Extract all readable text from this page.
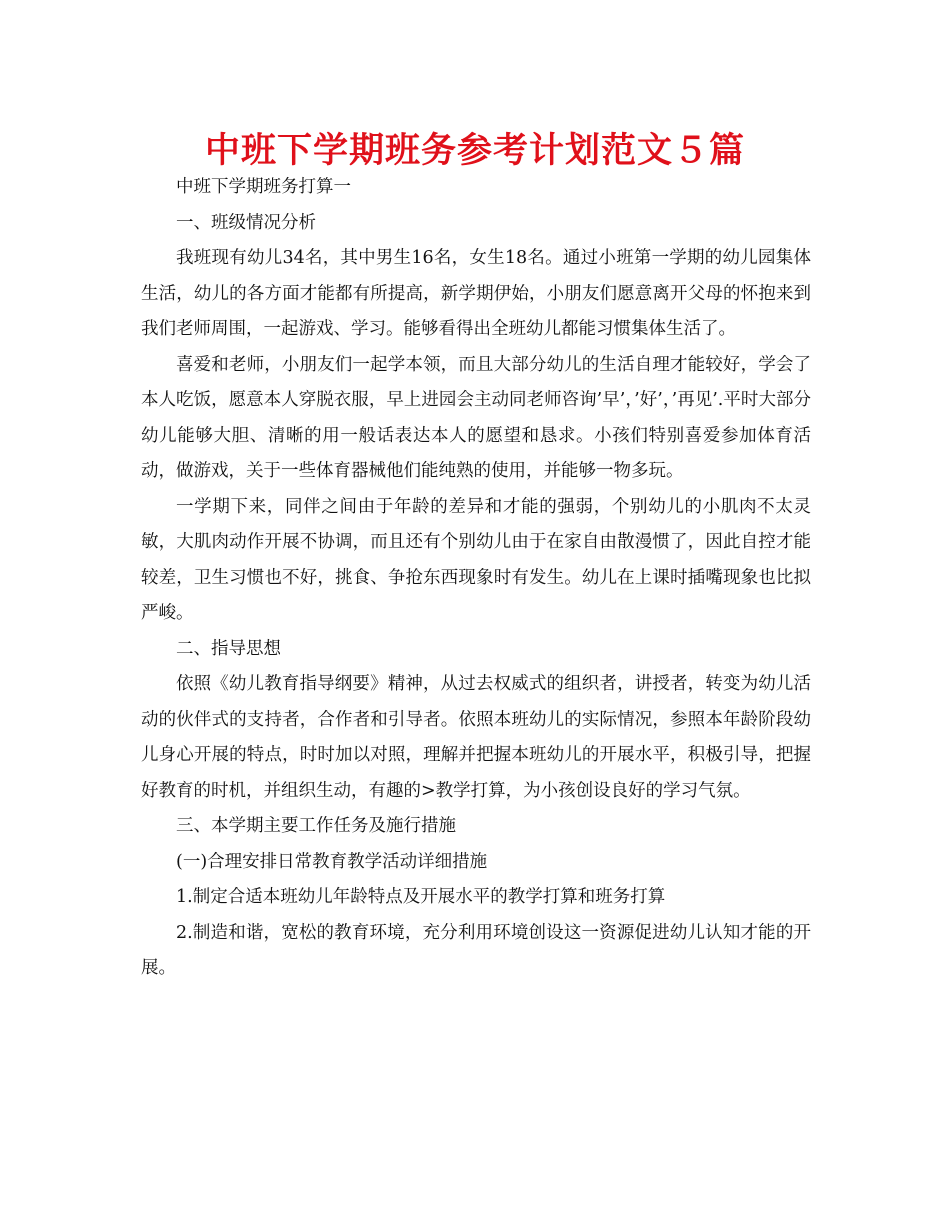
中班下学期班务参考计划范文５篇

中班下学期班务打算一

一、班级情况分析

我班现有幼儿34名，其中男生16名，女生18名。通过小班第一学期的幼儿园集体生活，幼儿的各方面才能都有所提高，新学期伊始，小朋友们愿意离开父母的怀抱来到我们老师周围，一起游戏、学习。能够看得出全班幼儿都能习惯集体生活了。

喜爱和老师，小朋友们一起学本领，而且大部分幼儿的生活自理才能较好，学会了本人吃饭，愿意本人穿脱衣服，早上进园会主动同老师咨询’早’，’好’，’再见’.平时大部分幼儿能够大胆、清晰的用一般话表达本人的愿望和恳求。小孩们特别喜爱参加体育活动，做游戏，关于一些体育器械他们能纯熟的使用，并能够一物多玩。

一学期下来，同伴之间由于年龄的差异和才能的强弱，个别幼儿的小肌肉不太灵敏，大肌肉动作开展不协调，而且还有个别幼儿由于在家自由散漫惯了，因此自控才能较差，卫生习惯也不好，挑食、争抢东西现象时有发生。幼儿在上课时插嘴现象也比拟严峻。

二、指导思想

依照《幼儿教育指导纲要》精神，从过去权威式的组织者，讲授者，转变为幼儿活动的伙伴式的支持者，合作者和引导者。依照本班幼儿的实际情况，参照本年龄阶段幼儿身心开展的特点，时时加以对照，理解并把握本班幼儿的开展水平，积极引导，把握好教育的时机，并组织生动，有趣的>教学打算，为小孩创设良好的学习气氛。

三、本学期主要工作任务及施行措施

(一)合理安排日常教育教学活动详细措施

1.制定合适本班幼儿年龄特点及开展水平的教学打算和班务打算

2.制造和谐，宽松的教育环境，充分利用环境创设这一资源促进幼儿认知才能的开展。
